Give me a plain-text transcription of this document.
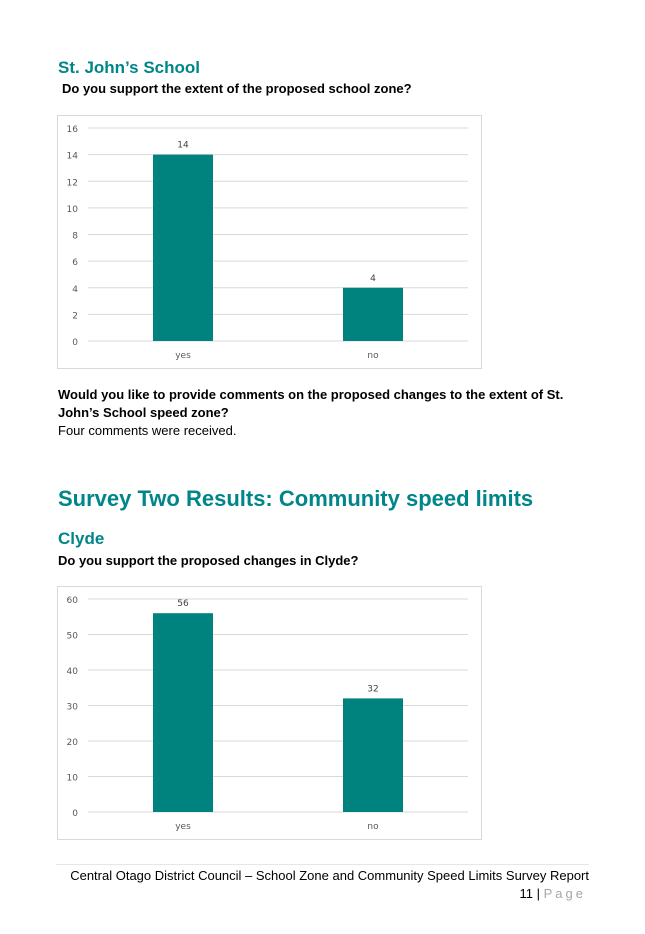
St. John’s School
Do you support the extent of the proposed school zone?
0
2
4
6
8
10
12
14
16
14
yes
4
no
Would you like to provide comments on the proposed changes to the extent of St.
John’s School speed zone?
Four comments were received.
Survey Two Results: Community speed limits
Clyde
Do you support the proposed changes in Clyde?
0
10
20
30
40
50
60	56
yes
32
no
Central Otago District Council – School Zone and Community Speed Limits Survey Report
11 | Page
